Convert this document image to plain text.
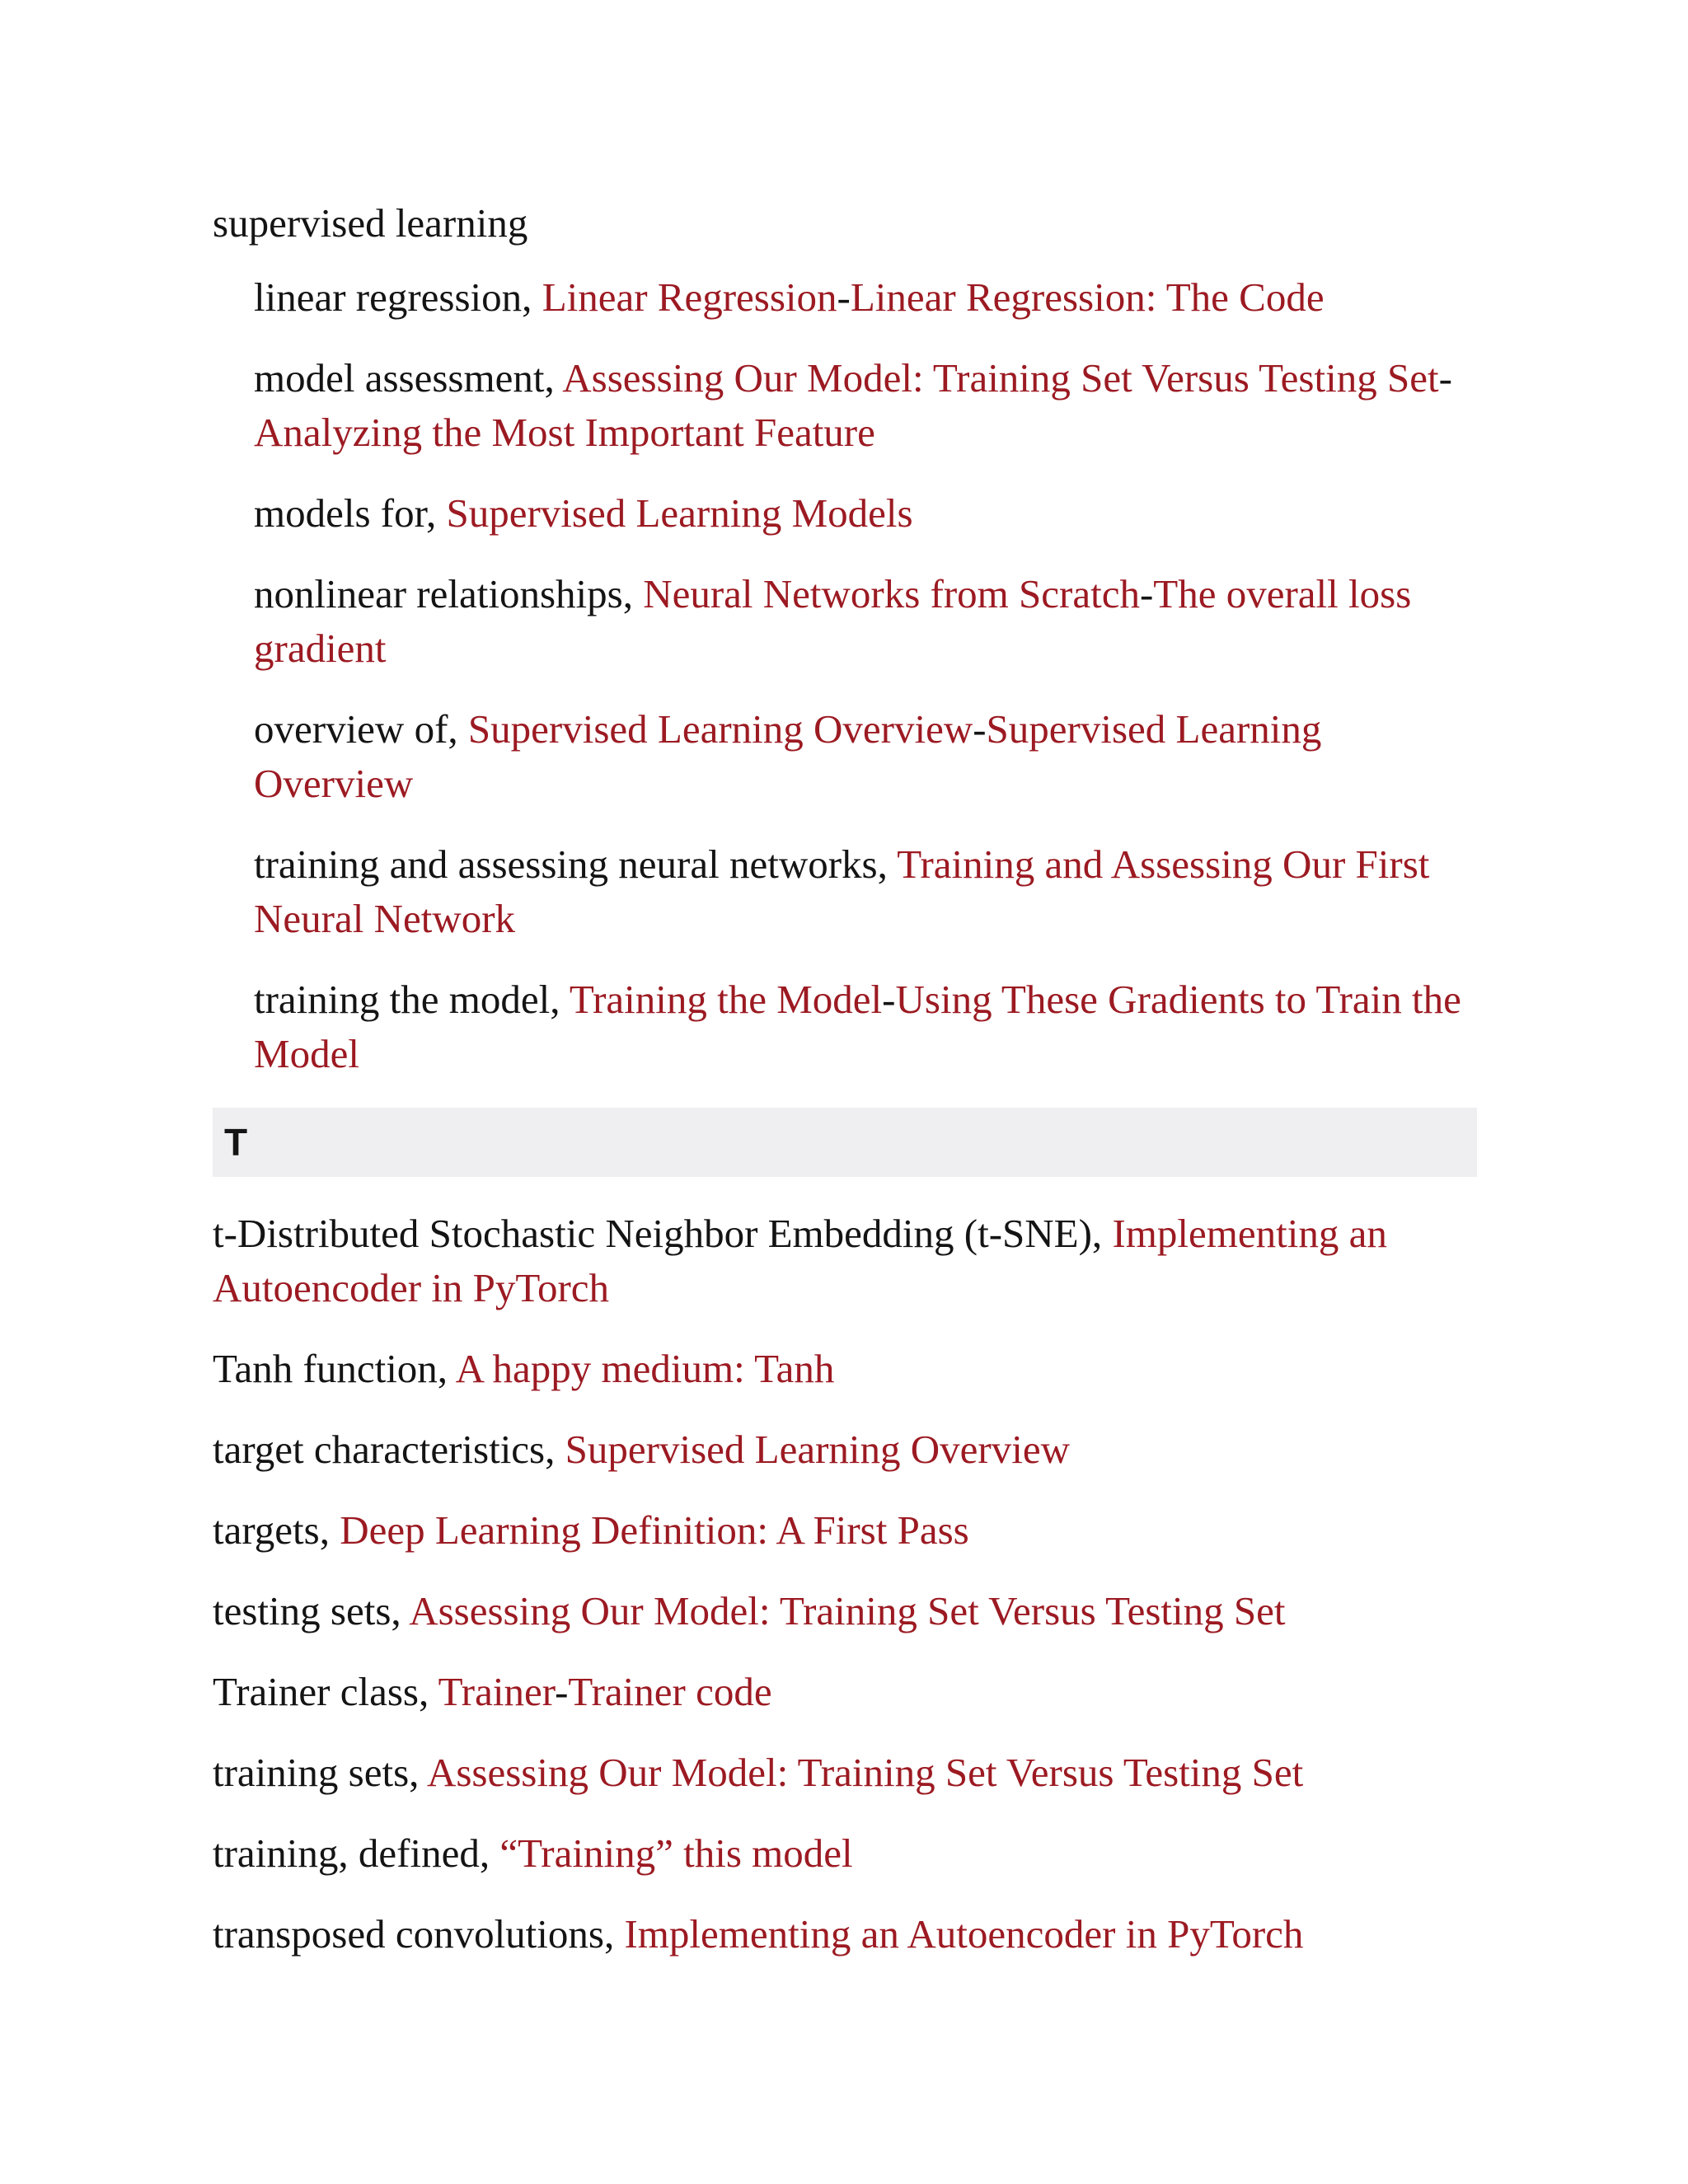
supervised learning
linear regression, Linear Regression-Linear Regression: The Code
model assessment, Assessing Our Model: Training Set Versus Testing Set-Analyzing the Most Important Feature
models for, Supervised Learning Models
nonlinear relationships, Neural Networks from Scratch-The overall loss gradient
overview of, Supervised Learning Overview-Supervised Learning Overview
training and assessing neural networks, Training and Assessing Our First Neural Network
training the model, Training the Model-Using These Gradients to Train the Model
T
t-Distributed Stochastic Neighbor Embedding (t-SNE), Implementing an Autoencoder in PyTorch
Tanh function, A happy medium: Tanh
target characteristics, Supervised Learning Overview
targets, Deep Learning Definition: A First Pass
testing sets, Assessing Our Model: Training Set Versus Testing Set
Trainer class, Trainer-Trainer code
training sets, Assessing Our Model: Training Set Versus Testing Set
training, defined, “Training” this model
transposed convolutions, Implementing an Autoencoder in PyTorch
